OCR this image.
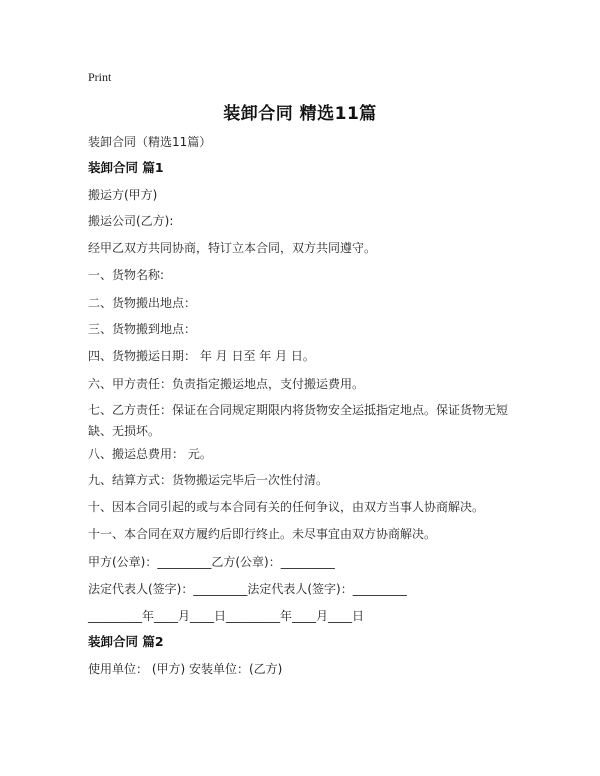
Print
装卸合同 精选11篇
装卸合同（精选11篇）
装卸合同 篇1
搬运方(甲方)
搬运公司(乙方):
经甲乙双方共同协商，特订立本合同，双方共同遵守。
一、货物名称:
二、货物搬出地点：
三、货物搬到地点：
四、货物搬运日期： 年 月 日至 年 月 日。
六、甲方责任：负责指定搬运地点，支付搬运费用。
七、乙方责任：保证在合同规定期限内将货物安全运抵指定地点。保证货物无短缺、无损坏。
八、搬运总费用： 元。
九、结算方式：货物搬运完毕后一次性付清。
十、因本合同引起的或与本合同有关的任何争议，由双方当事人协商解决。
十一、本合同在双方履约后即行终止。未尽事宜由双方协商解决。
甲方(公章)：_________乙方(公章)：_________
法定代表人(签字)：_________法定代表人(签字)：_________
_________年____月____日_________年____月____日
装卸合同 篇2
使用单位： (甲方) 安装单位：(乙方)
